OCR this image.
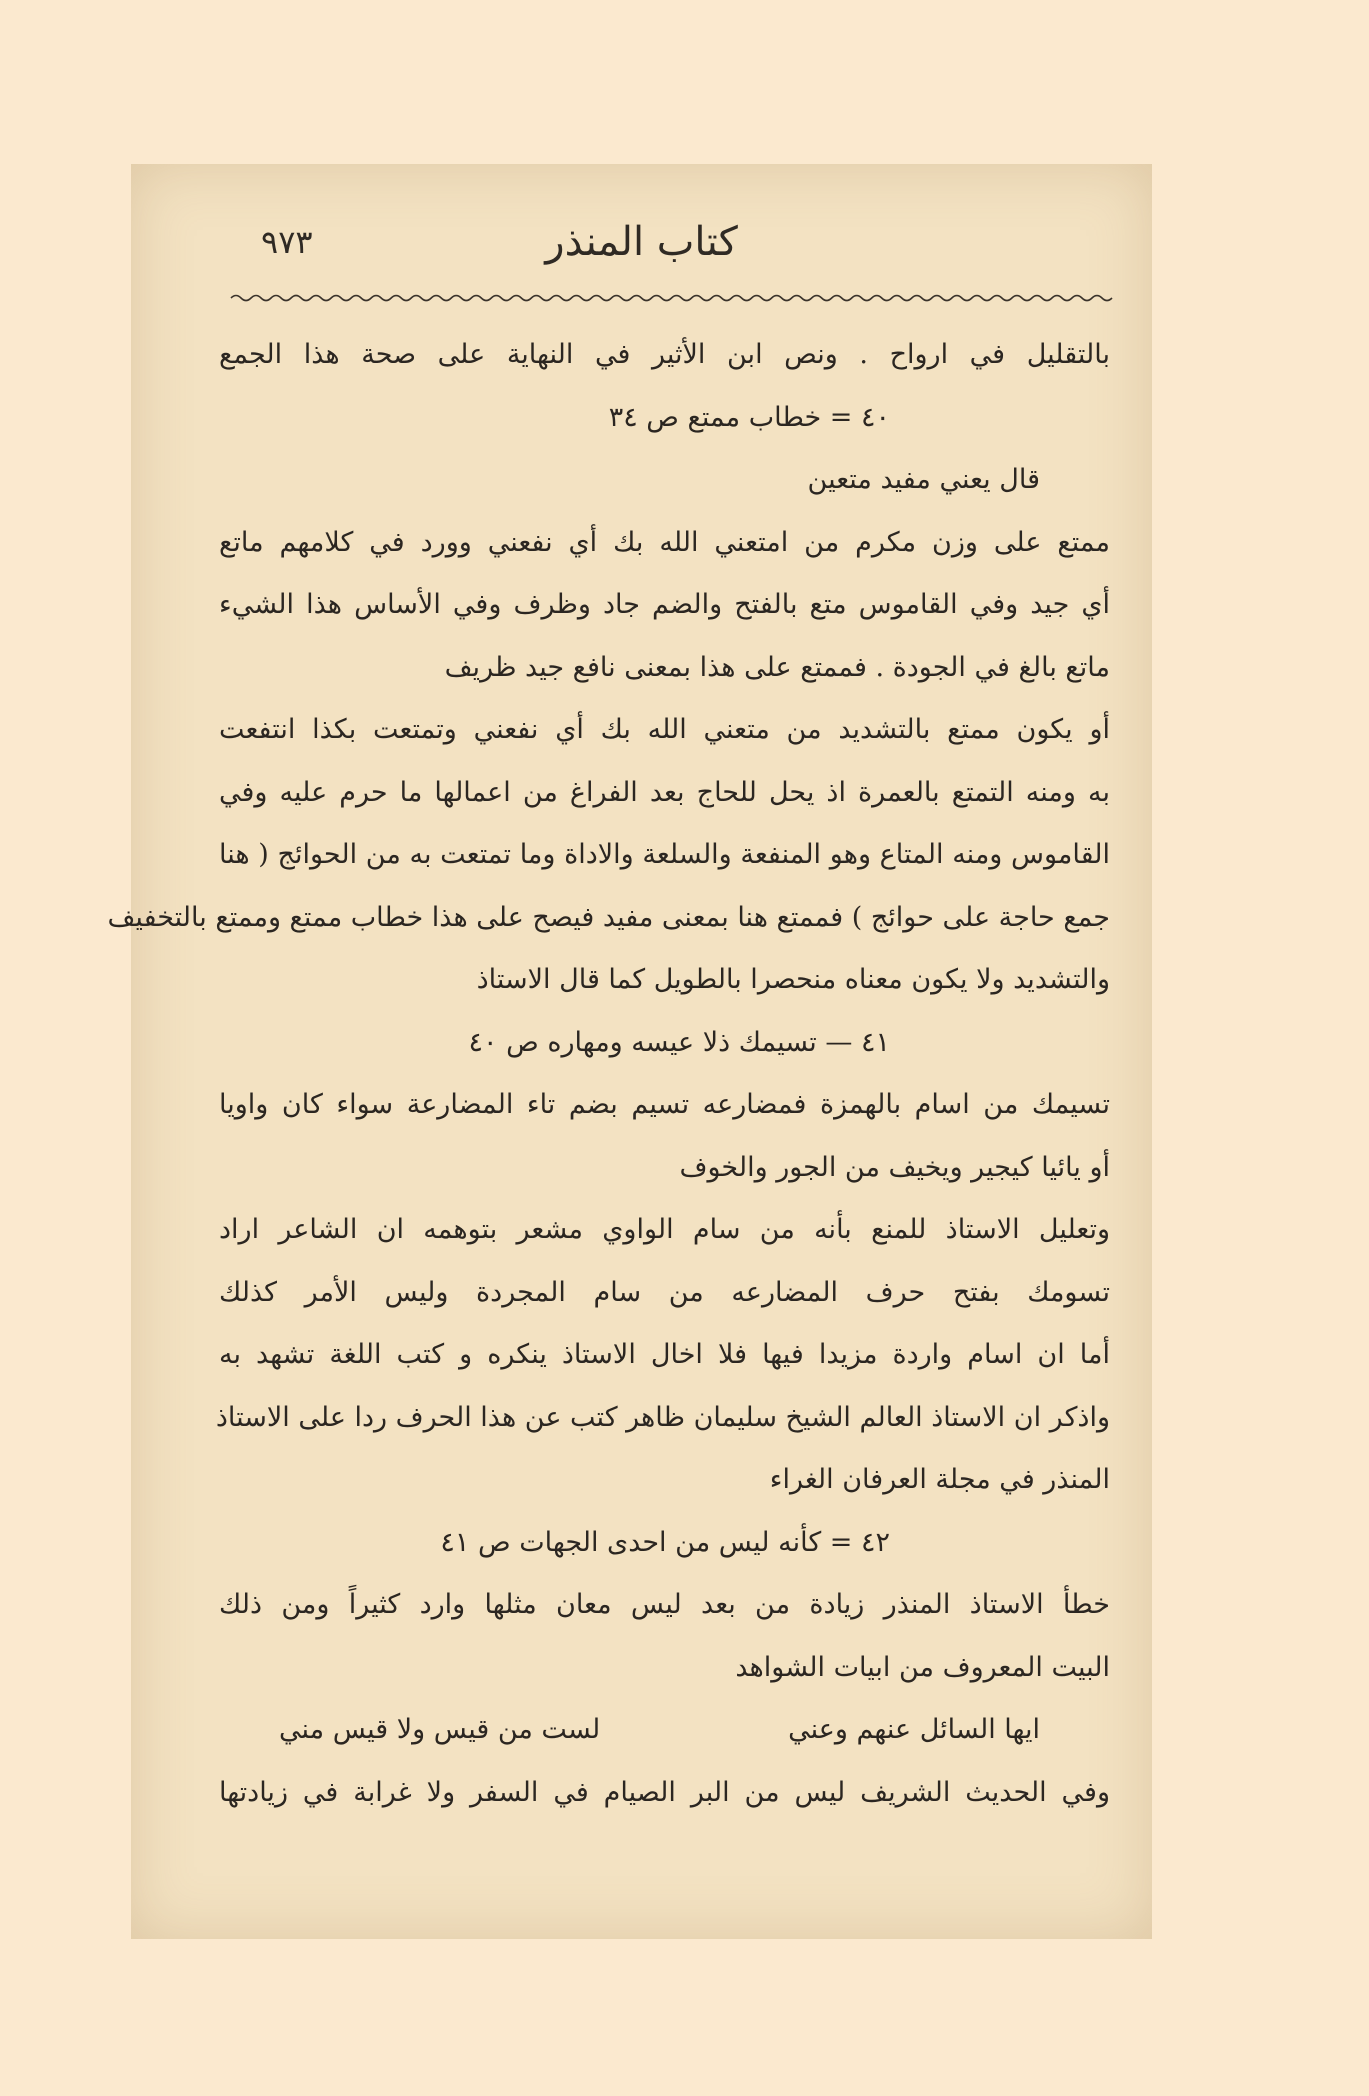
كتاب المنذر
٩٧٣
بالتقليل في ارواح . ونص ابن الأثير في النهاية على صحة هذا الجمع
٤٠ = خطاب ممتع ص ٣٤
قال يعني مفيد متعين
ممتع على وزن مكرم من امتعني الله بك أي نفعني وورد في كلامهم ماتع
أي جيد وفي القاموس متع بالفتح والضم جاد وظرف وفي الأساس هذا الشيء
ماتع بالغ في الجودة . فممتع على هذا بمعنى نافع جيد ظريف
أو يكون ممتع بالتشديد من متعني الله بك أي نفعني وتمتعت بكذا انتفعت
به ومنه التمتع بالعمرة اذ يحل للحاج بعد الفراغ من اعمالها ما حرم عليه وفي
القاموس ومنه المتاع وهو المنفعة والسلعة والاداة وما تمتعت به من الحوائج ( هنا
جمع حاجة على حوائج ) فممتع هنا بمعنى مفيد فيصح على هذا خطاب ممتع وممتع بالتخفيف
والتشديد ولا يكون معناه منحصرا بالطويل كما قال الاستاذ
٤١ — تسيمك ذلا عيسه ومهاره ص ٤٠
تسيمك من اسام بالهمزة فمضارعه تسيم بضم تاء المضارعة سواء كان واويا
أو يائيا كيجير ويخيف من الجور والخوف
وتعليل الاستاذ للمنع بأنه من سام الواوي مشعر بتوهمه ان الشاعر اراد
تسومك بفتح حرف المضارعه من سام المجردة وليس الأمر كذلك
أما ان اسام واردة مزيدا فيها فلا اخال الاستاذ ينكره و كتب اللغة تشهد به
واذكر ان الاستاذ العالم الشيخ سليمان ظاهر كتب عن هذا الحرف ردا على الاستاذ
المنذر في مجلة العرفان الغراء
٤٢ = كأنه ليس من احدى الجهات ص ٤١
خطأ الاستاذ المنذر زيادة من بعد ليس معان مثلها وارد كثيراً ومن ذلك
البيت المعروف من ابيات الشواهد
ايها السائل عنهم وعني
لست من قيس ولا قيس مني
وفي الحديث الشريف ليس من البر الصيام في السفر ولا غرابة في زيادتها
